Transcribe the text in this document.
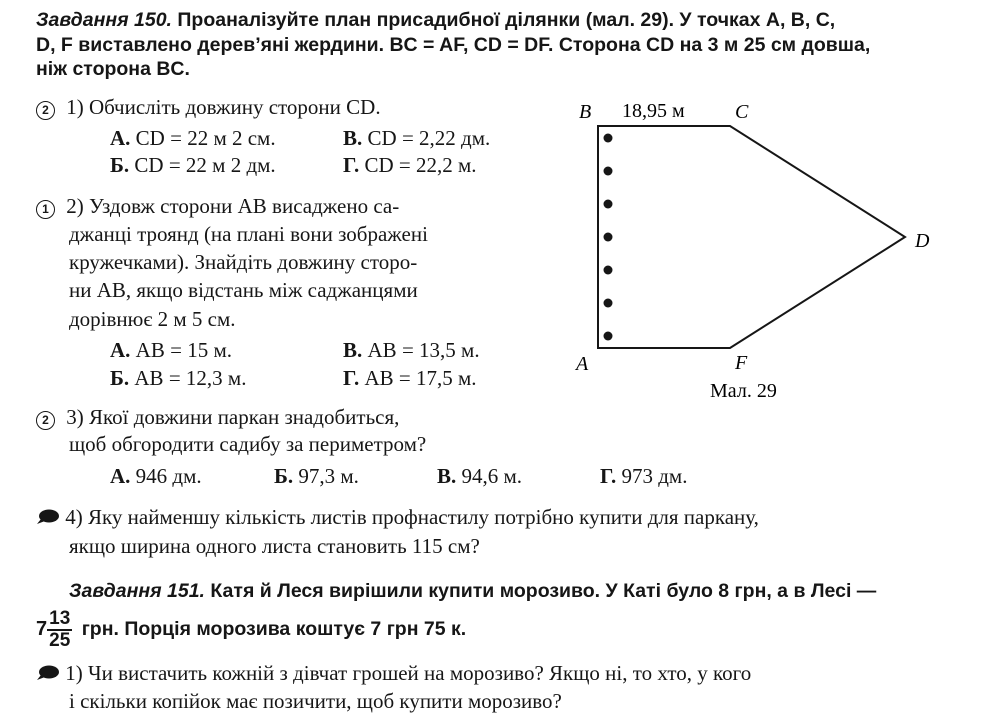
Завдання 150. Проаналізуйте план присадибної ділянки (мал. 29). У точках A, B, C,
D, F виставлено дерев’яні жердини. BC = AF, CD = DF. Сторона CD на 3 м 25 см довша,
ніж сторона BC.
2 1) Обчисліть довжину сторони CD.
А. CD = 22 м 2 см.	В. CD = 2,22 дм.
Б. CD = 22 м 2 дм.	Г. CD = 22,2 м.
1 2) Уздовж сторони AB висаджено са-
джанці троянд (на плані вони зображені
кружечками). Знайдіть довжину сторо-
ни AB, якщо відстань між саджанцями
дорівнює 2 м 5 см.
А. AB = 15 м.	В. AB = 13,5 м.
Б. AB = 12,3 м.	Г. AB = 17,5 м.
2 3) Якої довжини паркан знадобиться,
щоб обгородити садибу за периметром?
А. 946 дм.	Б. 97,3 м.	В. 94,6 м.	Г. 973 дм.
4) Яку найменшу кількість листів профнастилу потрібно купити для паркану,
якщо ширина одного листа становить 115 см?
Завдання 151. Катя й Леся вирішили купити морозиво. У Каті було 8 грн, а в Лесі —
$7 \frac{13}{25}$ грн. Порція морозива коштує 7 грн 75 к.
1) Чи вистачить кожній з дівчат грошей на морозиво? Якщо ні, то хто, у кого
і скільки копійок має позичити, щоб купити морозиво?
B 18,95 м	C
D
A	F
Мал. 29
